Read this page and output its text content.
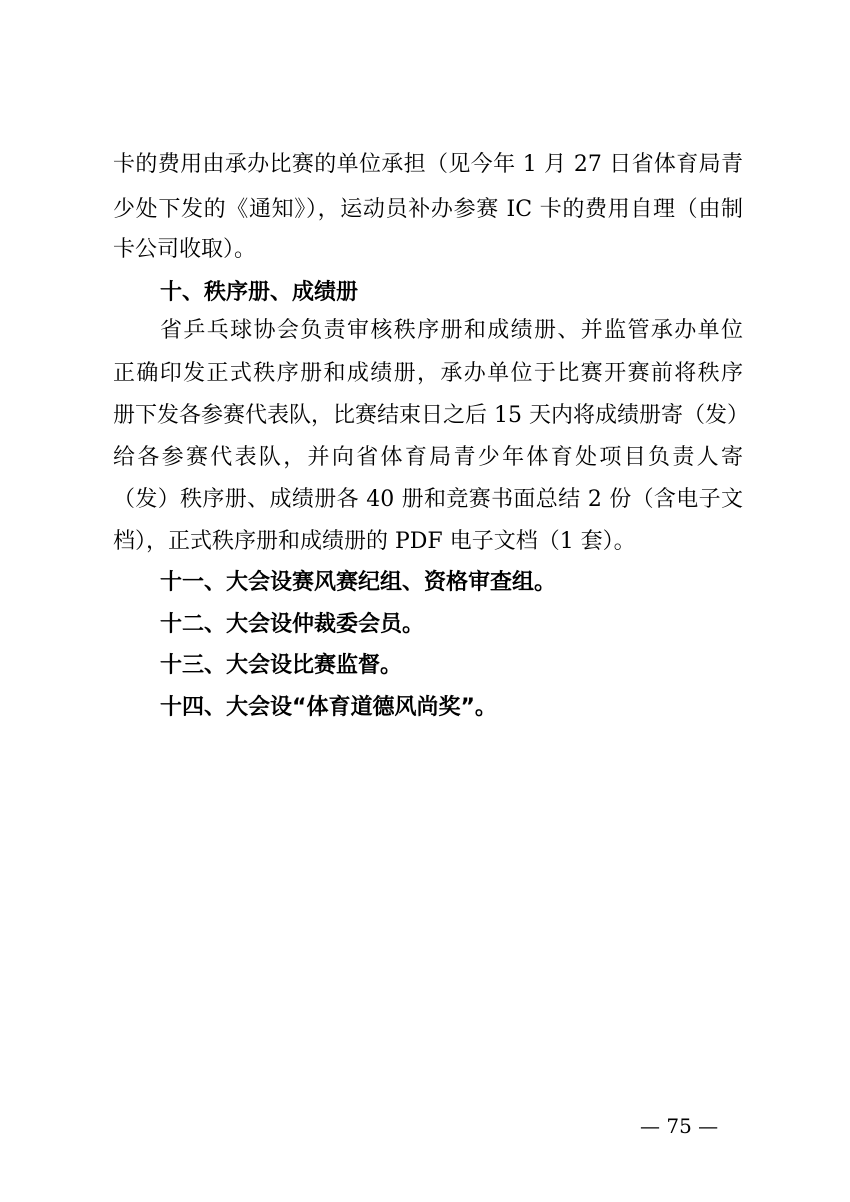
卡的费用由承办比赛的单位承担（见今年 1 月 27 日省体育局青
少处下发的《通知》），运动员补办参赛 IC 卡的费用自理（由制
卡公司收取）。
十、秩序册、成绩册
省乒乓球协会负责审核秩序册和成绩册、并监管承办单位
正确印发正式秩序册和成绩册，承办单位于比赛开赛前将秩序
册下发各参赛代表队，比赛结束日之后 15 天内将成绩册寄（发）
给各参赛代表队，并向省体育局青少年体育处项目负责人寄
（发）秩序册、成绩册各 40 册和竞赛书面总结 2 份（含电子文
档），正式秩序册和成绩册的 PDF 电子文档（1 套）。
十一、大会设赛风赛纪组、资格审查组。
十二、大会设仲裁委会员。
十三、大会设比赛监督。
十四、大会设“体育道德风尚奖”。
— 75 —
